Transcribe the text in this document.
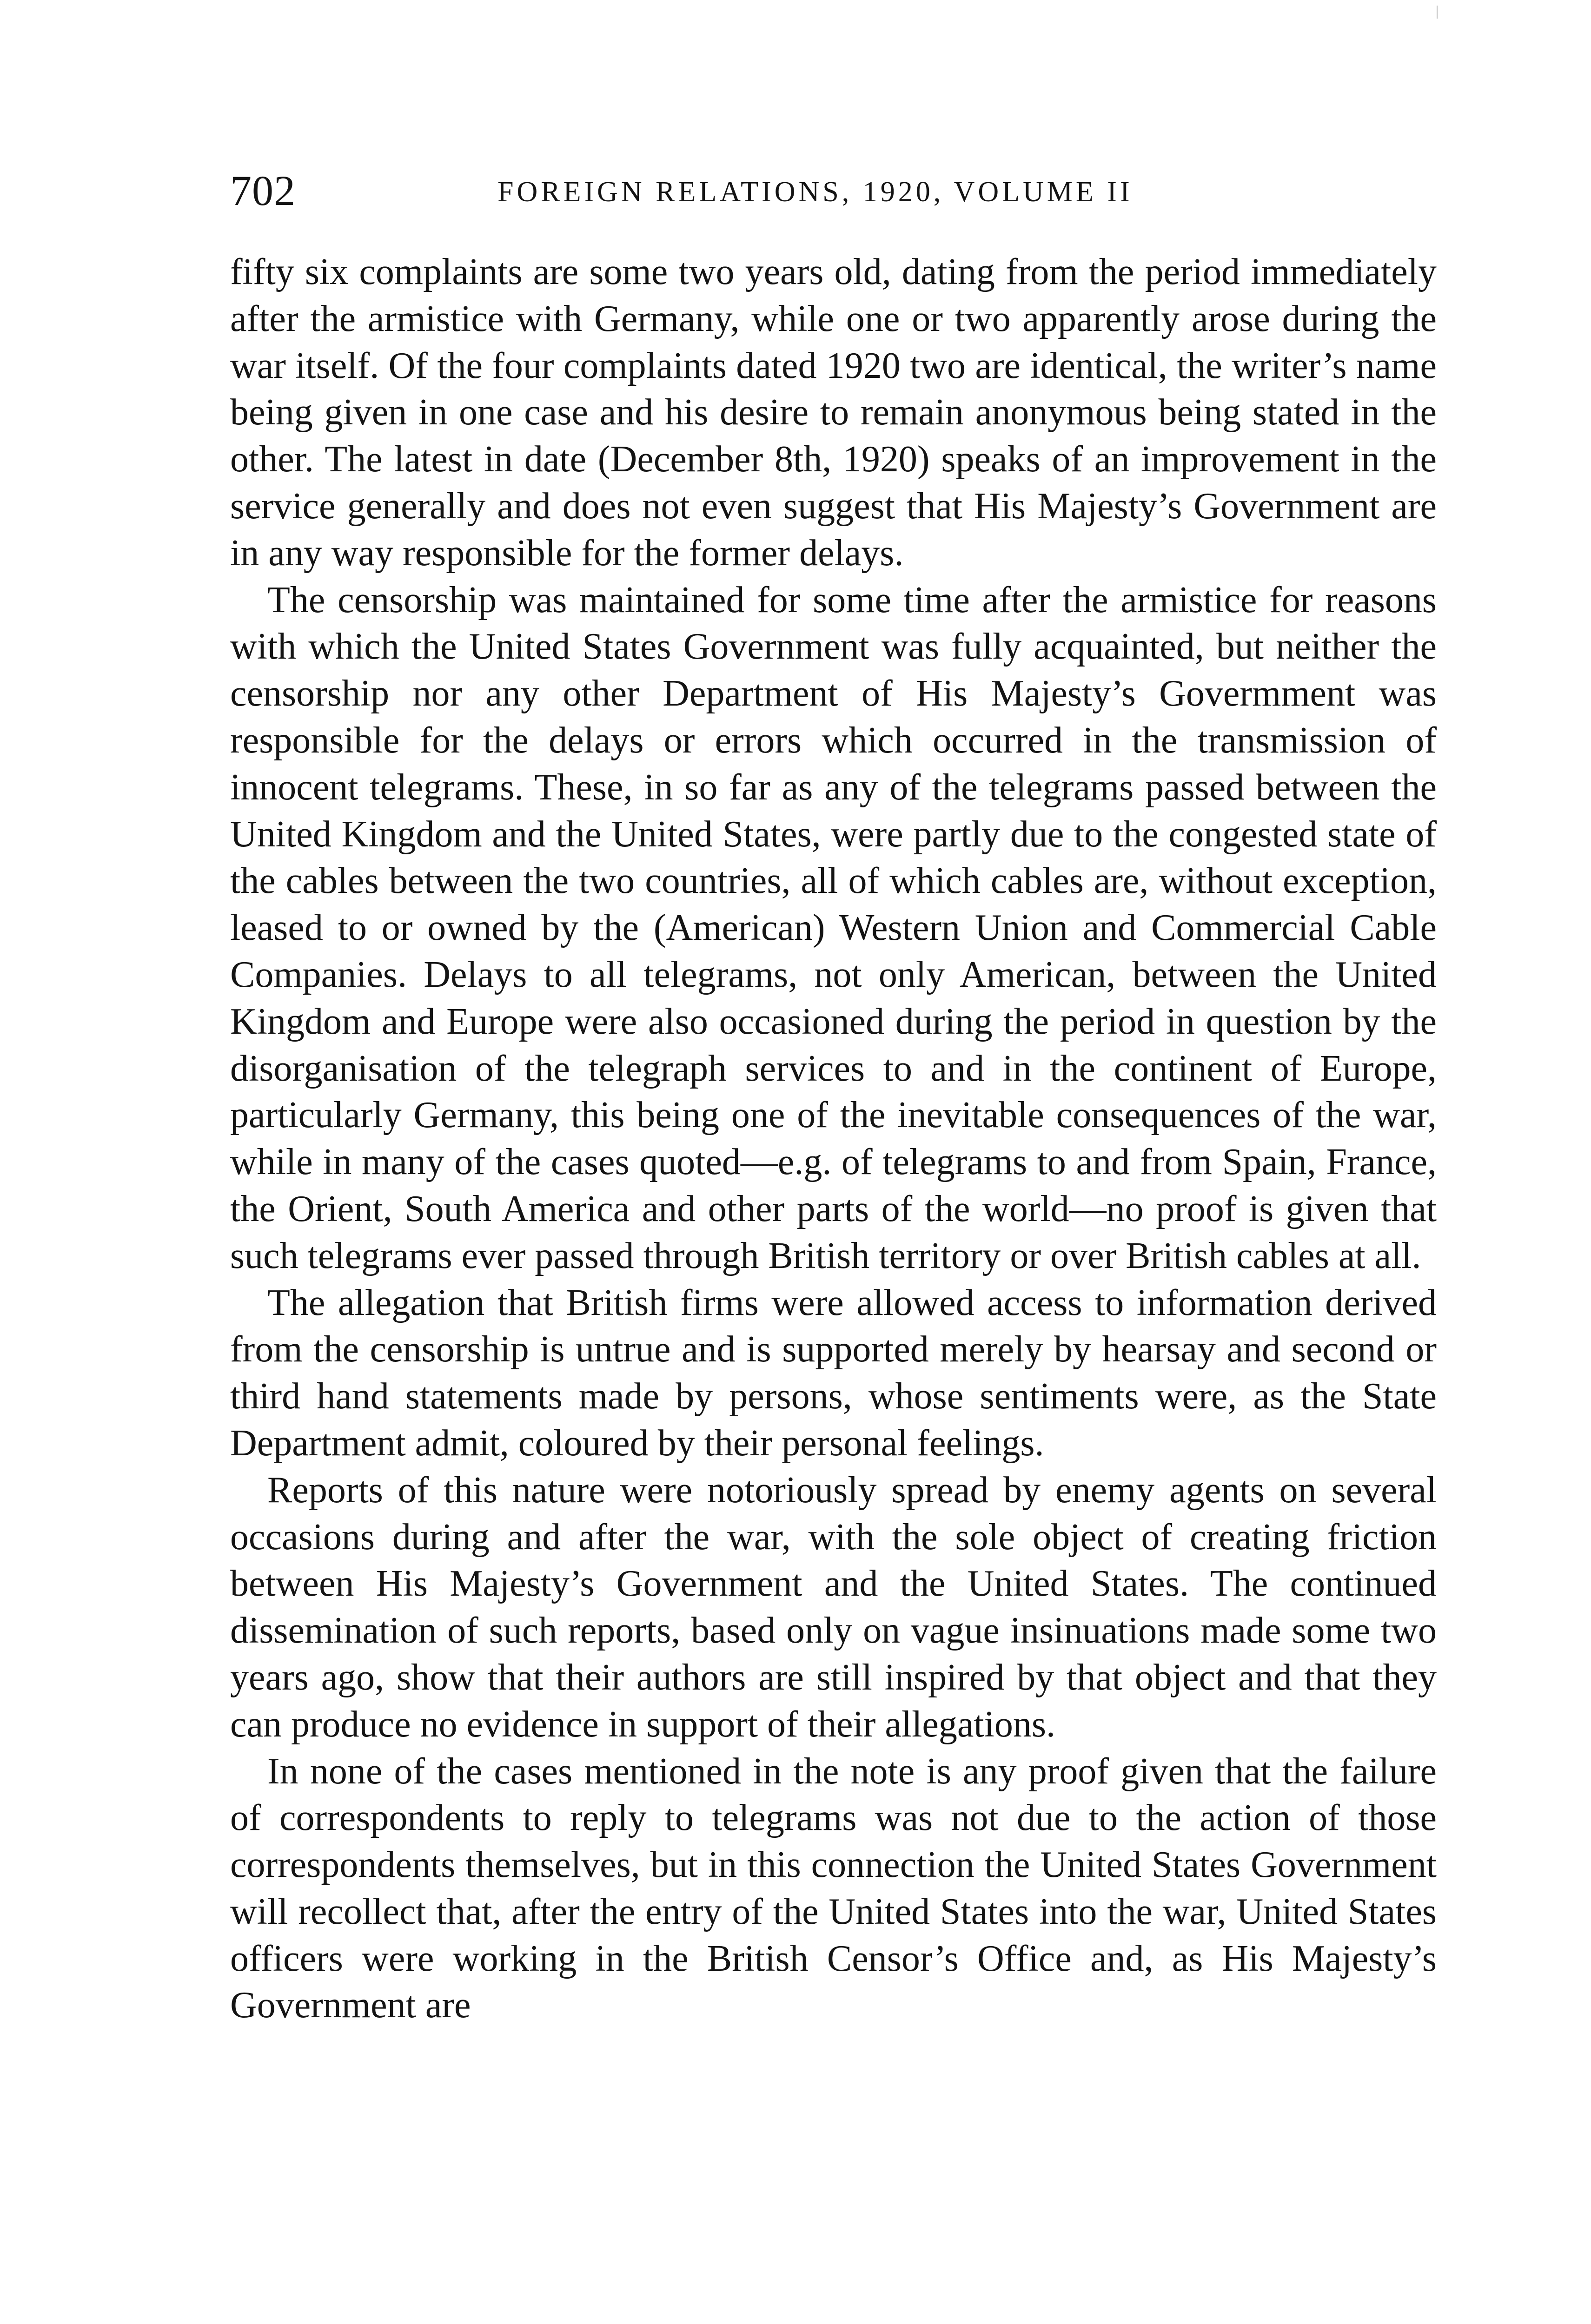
702	FOREIGN RELATIONS, 1920, VOLUME II

fifty six complaints are some two years old, dating from the period immediately after the armistice with Germany, while one or two apparently arose during the war itself. Of the four complaints dated 1920 two are identical, the writer’s name being given in one case and his desire to remain anonymous being stated in the other. The latest in date (December 8th, 1920) speaks of an improvement in the service generally and does not even suggest that His Majesty’s Government are in any way responsible for the former delays.

The censorship was maintained for some time after the armistice for reasons with which the United States Government was fully acquainted, but neither the censorship nor any other Department of His Majesty’s Govermment was responsible for the delays or errors which occurred in the transmission of innocent telegrams. These, in so far as any of the telegrams passed between the United Kingdom and the United States, were partly due to the congested state of the cables between the two countries, all of which cables are, without exception, leased to or owned by the (American) Western Union and Commercial Cable Companies. Delays to all telegrams, not only American, between the United Kingdom and Europe were also occasioned during the period in question by the disorganisation of the telegraph services to and in the continent of Europe, particularly Germany, this being one of the inevitable consequences of the war, while in many of the cases quoted—e.g. of telegrams to and from Spain, France, the Orient, South America and other parts of the world—no proof is given that such telegrams ever passed through British territory or over British cables at all.

The allegation that British firms were allowed access to information derived from the censorship is untrue and is supported merely by hearsay and second or third hand statements made by persons, whose sentiments were, as the State Department admit, coloured by their personal feelings.

Reports of this nature were notoriously spread by enemy agents on several occasions during and after the war, with the sole object of creating friction between His Majesty’s Government and the United States. The continued dissemination of such reports, based only on vague insinuations made some two years ago, show that their authors are still inspired by that object and that they can produce no evidence in support of their allegations.

In none of the cases mentioned in the note is any proof given that the failure of correspondents to reply to telegrams was not due to the action of those correspondents themselves, but in this connection the United States Government will recollect that, after the entry of the United States into the war, United States officers were working in the British Censor’s Office and, as His Majesty’s Government are
